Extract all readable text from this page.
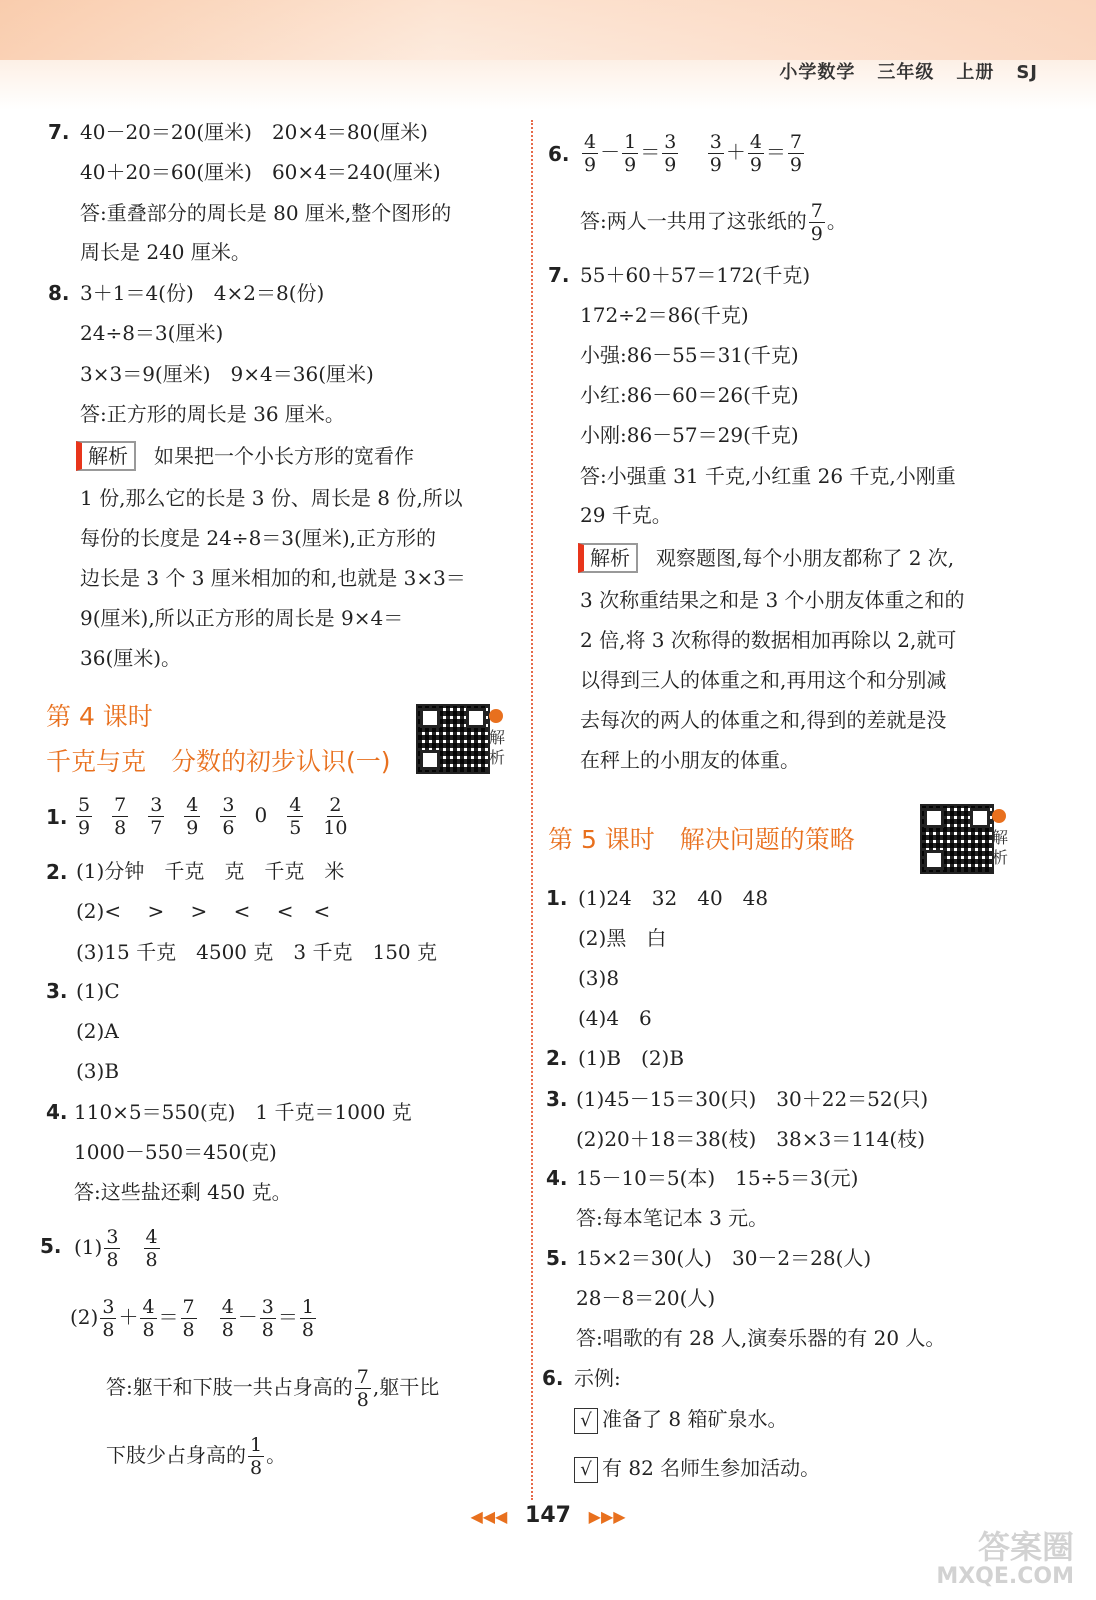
小学数学 三年级 上册 SJ
7. 40－20＝20(厘米)　20×4＝80(厘米)
40＋20＝60(厘米)　60×4＝240(厘米)
答:重叠部分的周长是 80 厘米,整个图形的
周长是 240 厘米。
8. 3＋1＝4(份)　4×2＝8(份)
24÷8＝3(厘米)
3×3＝9(厘米)　9×4＝36(厘米)
答:正方形的周长是 36 厘米。
解析 如果把一个小长方形的宽看作
1 份,那么它的长是 3 份、周长是 8 份,所以
每份的长度是 24÷8＝3(厘米),正方形的
边长是 3 个 3 厘米相加的和,也就是 3×3＝
9(厘米),所以正方形的周长是 9×4＝
36(厘米)。
第 4 课时
千克与克　分数的初步认识(一)

解析
1. $\frac{5}{9} \frac{7}{8} \frac{3}{7} \frac{4}{9} \frac{3}{6} 0 \frac{4}{5} \frac{2}{10}$
2. (1)分钟　千克　克　千克　米
(2)<　 >　 >　 <　 <　<
(3)15 千克　4500 克　3 千克　150 克
3. (1)C
(2)A
(3)B
4. 110×5＝550(克)　1 千克＝1000 克
1000－550＝450(克)
答:这些盐还剩 450 克。
5. $(1) \frac{3}{8}$
$\frac{4}{8}$
$(2) \frac{3}{8} + \frac{4}{8} = \frac{7}{8}$
$\frac{4}{8} - \frac{3}{8} = \frac{1}{8}$
答:躯干和下肢一共占身高的 $\frac{7}{8}$ ,躯干比
下肢少占身高的 $\frac{1}{8}$ 。
6. $\frac{4}{9} - \frac{1}{9} = \frac{3}{9}$
$\frac{3}{9} + \frac{4}{9} = \frac{7}{9}$
答:两人一共用了这张纸的 $\frac{7}{9}$ 。
7. 55＋60＋57＝172(千克)
172÷2＝86(千克)
小强:86－55＝31(千克)
小红:86－60＝26(千克)
小刚:86－57＝29(千克)
答:小强重 31 千克,小红重 26 千克,小刚重
29 千克。
解析 观察题图,每个小朋友都称了 2 次,
3 次称重结果之和是 3 个小朋友体重之和的
2 倍,将 3 次称得的数据相加再除以 2,就可
以得到三人的体重之和,再用这个和分别减
去每次的两人的体重之和,得到的差就是没
在秤上的小朋友的体重。
第 5 课时　解决问题的策略	解析
1. (1)24　32　40　48
(2)黑　白
(3)8
(4)4　6
2. (1)B　(2)B
3. (1)45－15＝30(只)　30＋22＝52(只)
(2)20＋18＝38(枝)　38×3＝114(枝)
4. 15－10＝5(本)　15÷5＝3(元)
答:每本笔记本 3 元。
5. 15×2＝30(人)　30－2＝28(人)
28－8＝20(人)
答:唱歌的有 28 人,演奏乐器的有 20 人。
6. 示例:
√ 准备了 8 箱矿泉水。
√ 有 82 名师生参加活动。
◀◀◀ 147 ▶▶▶
答案圈
MXQE.COM
